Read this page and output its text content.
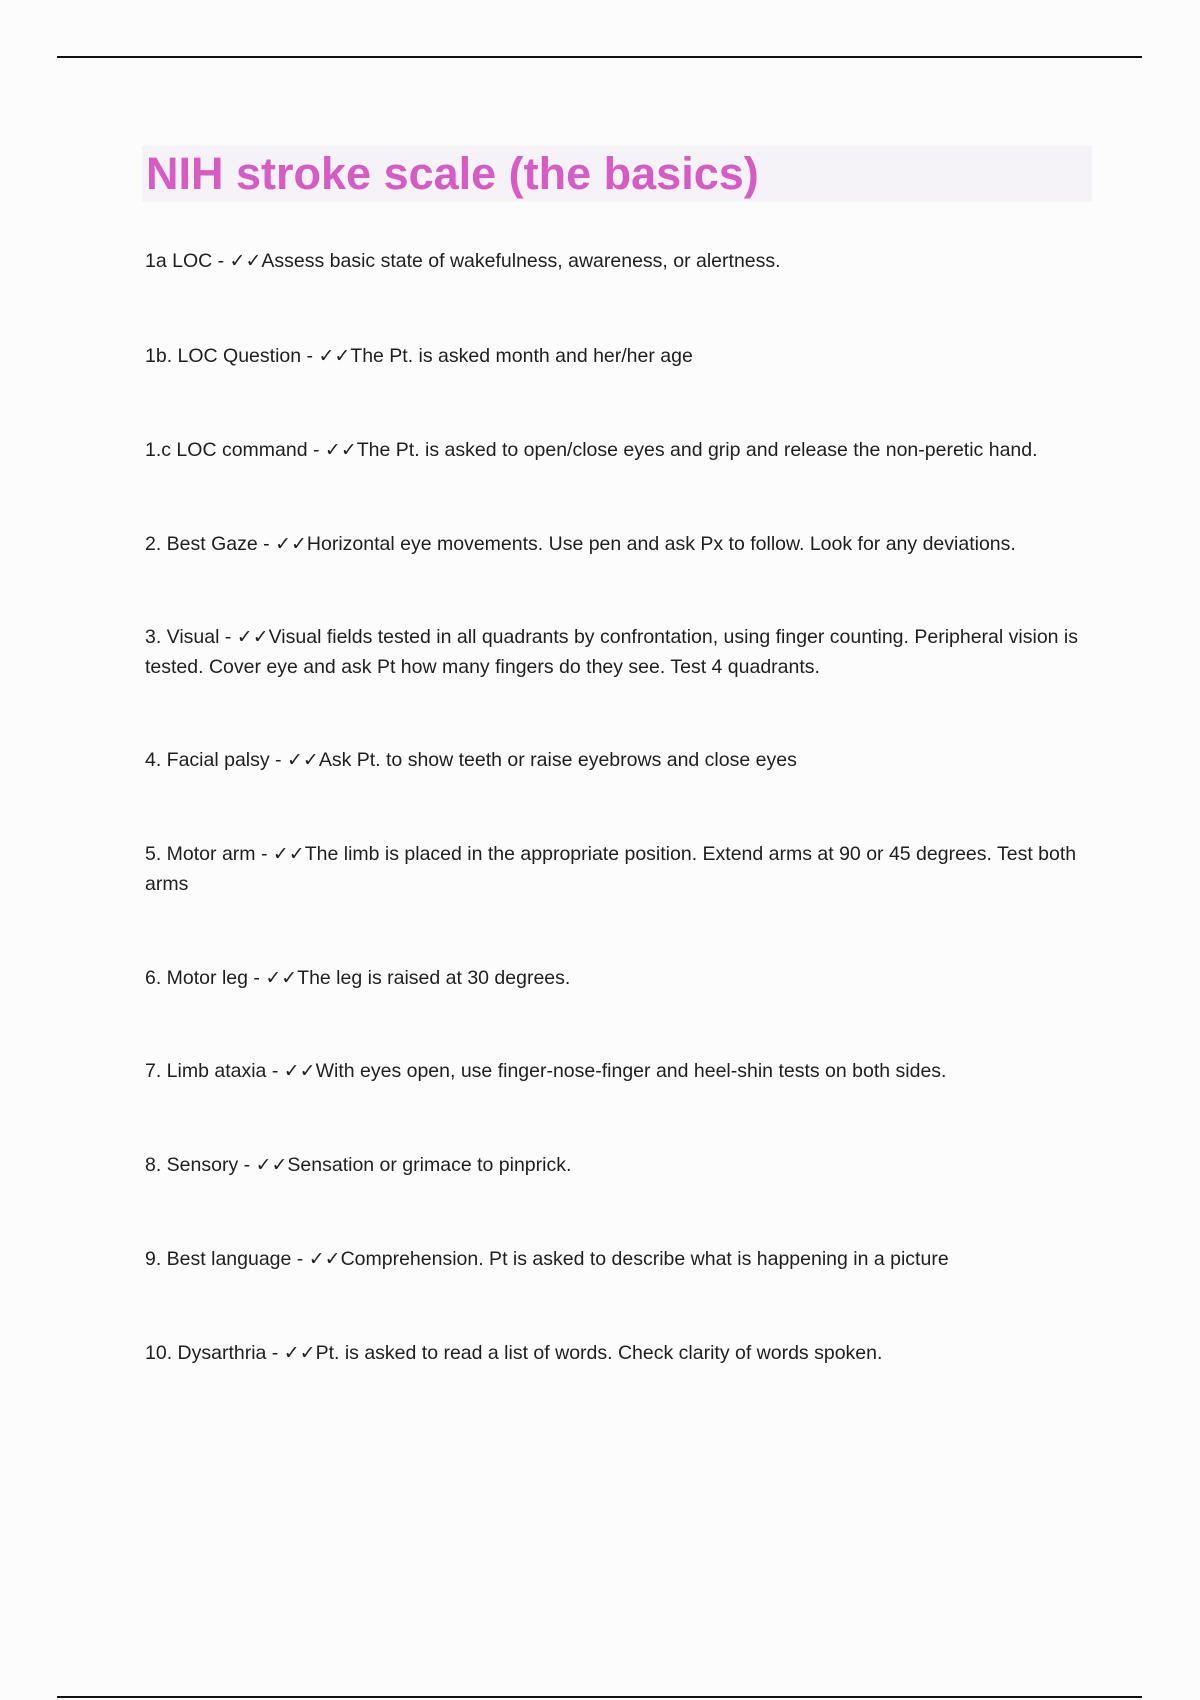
NIH stroke scale (the basics)

1a LOC - ✓✓Assess basic state of wakefulness, awareness, or alertness.

1b. LOC Question - ✓✓The Pt. is asked month and her/her age

1.c LOC command - ✓✓The Pt. is asked to open/close eyes and grip and release the non-peretic hand.

2. Best Gaze - ✓✓Horizontal eye movements. Use pen and ask Px to follow. Look for any deviations.

3. Visual - ✓✓Visual fields tested in all quadrants by confrontation, using finger counting. Peripheral vision is tested. Cover eye and ask Pt how many fingers do they see. Test 4 quadrants.

4. Facial palsy - ✓✓Ask Pt. to show teeth or raise eyebrows and close eyes

5. Motor arm - ✓✓The limb is placed in the appropriate position. Extend arms at 90 or 45 degrees. Test both arms

6. Motor leg - ✓✓The leg is raised at 30 degrees.

7. Limb ataxia - ✓✓With eyes open, use finger-nose-finger and heel-shin tests on both sides.

8. Sensory - ✓✓Sensation or grimace to pinprick.

9. Best language - ✓✓Comprehension. Pt is asked to describe what is happening in a picture

10. Dysarthria - ✓✓Pt. is asked to read a list of words. Check clarity of words spoken.
